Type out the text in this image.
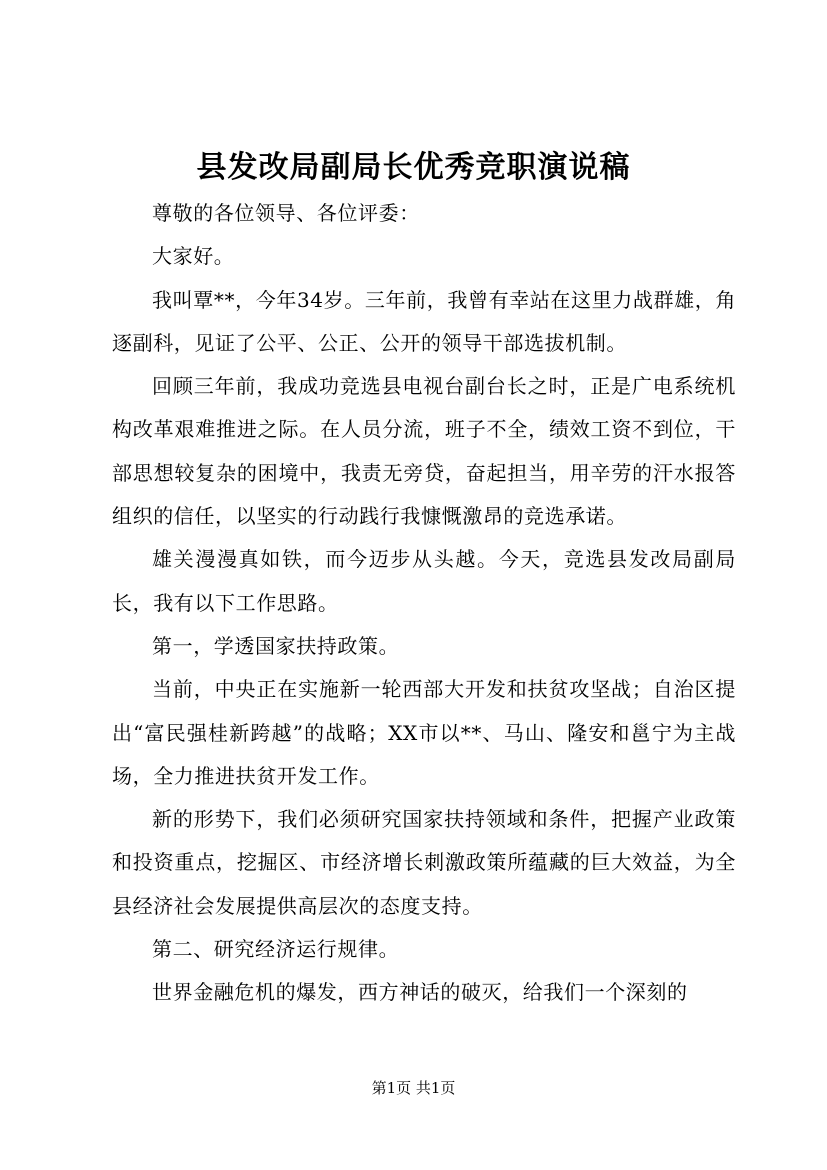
县发改局副局长优秀竞职演说稿

尊敬的各位领导、各位评委：

大家好。

我叫覃**，今年34岁。三年前，我曾有幸站在这里力战群雄，角逐副科，见证了公平、公正、公开的领导干部选拔机制。

回顾三年前，我成功竞选县电视台副台长之时，正是广电系统机构改革艰难推进之际。在人员分流，班子不全，绩效工资不到位，干部思想较复杂的困境中，我责无旁贷，奋起担当，用辛劳的汗水报答组织的信任，以坚实的行动践行我慷慨激昂的竞选承诺。

雄关漫漫真如铁，而今迈步从头越。今天，竞选县发改局副局长，我有以下工作思路。

第一，学透国家扶持政策。

当前，中央正在实施新一轮西部大开发和扶贫攻坚战；自治区提出“富民强桂新跨越”的战略；XX市以**、马山、隆安和邕宁为主战场，全力推进扶贫开发工作。

新的形势下，我们必须研究国家扶持领域和条件，把握产业政策和投资重点，挖掘区、市经济增长刺激政策所蕴藏的巨大效益，为全县经济社会发展提供高层次的态度支持。

第二、研究经济运行规律。

世界金融危机的爆发，西方神话的破灭，给我们一个深刻的

第1页 共1页
